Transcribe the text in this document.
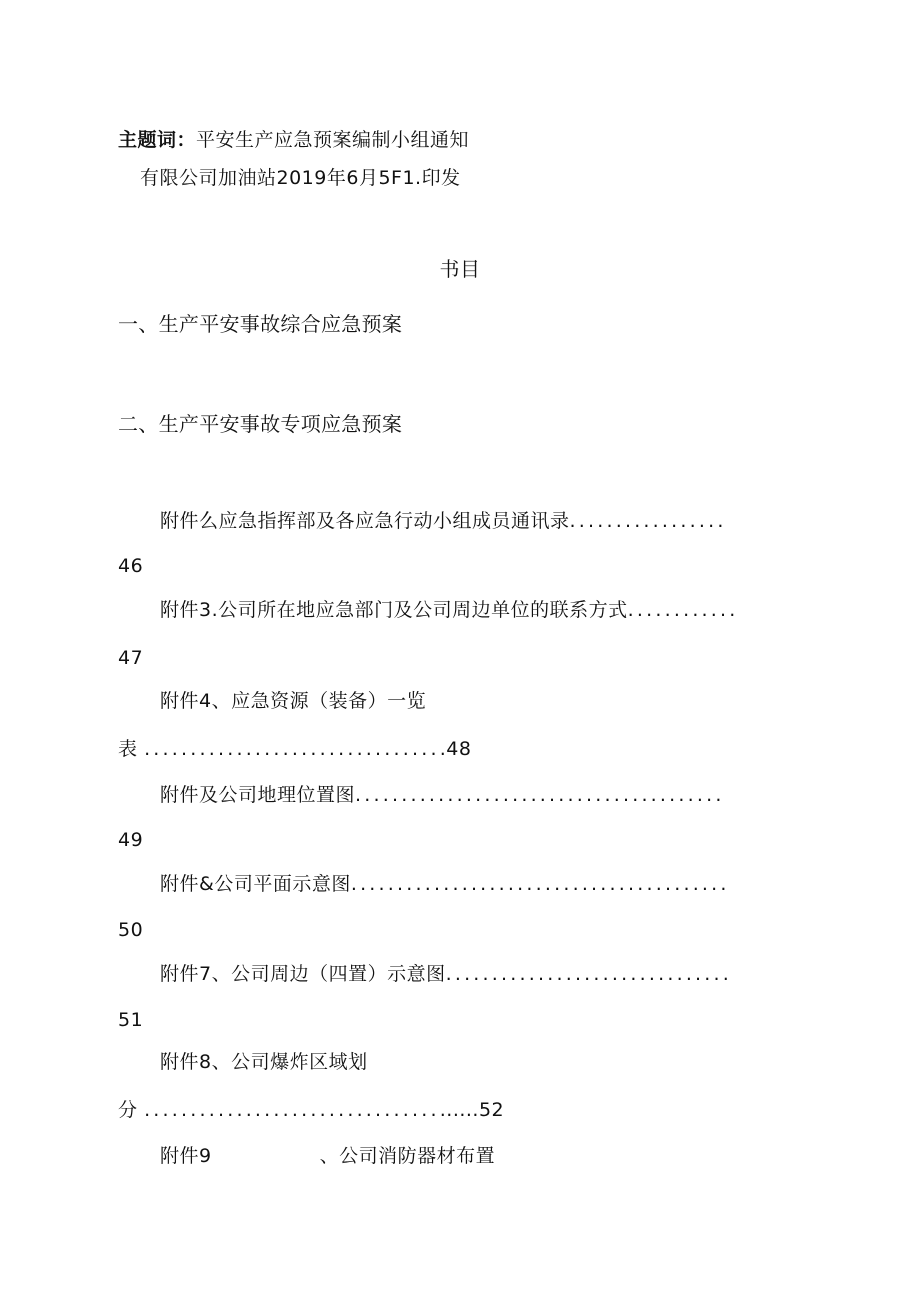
主题词：平安生产应急预案编制小组通知
有限公司加油站2019年6月5F1.印发
书目
一、生产平安事故综合应急预案
二、生产平安事故专项应急预案
附件么应急指挥部及各应急行动小组成员通讯录.................
46
附件3.公司所在地应急部门及公司周边单位的联系方式............
47
附件4、应急资源（装备）一览
表 .................................48
附件及公司地理位置图........................................
49
附件&公司平面示意图.........................................
50
附件7、公司周边（四置）示意图...............................
51
附件8、公司爆炸区域划
分 ......................................52
附件9	、公司消防器材布置
